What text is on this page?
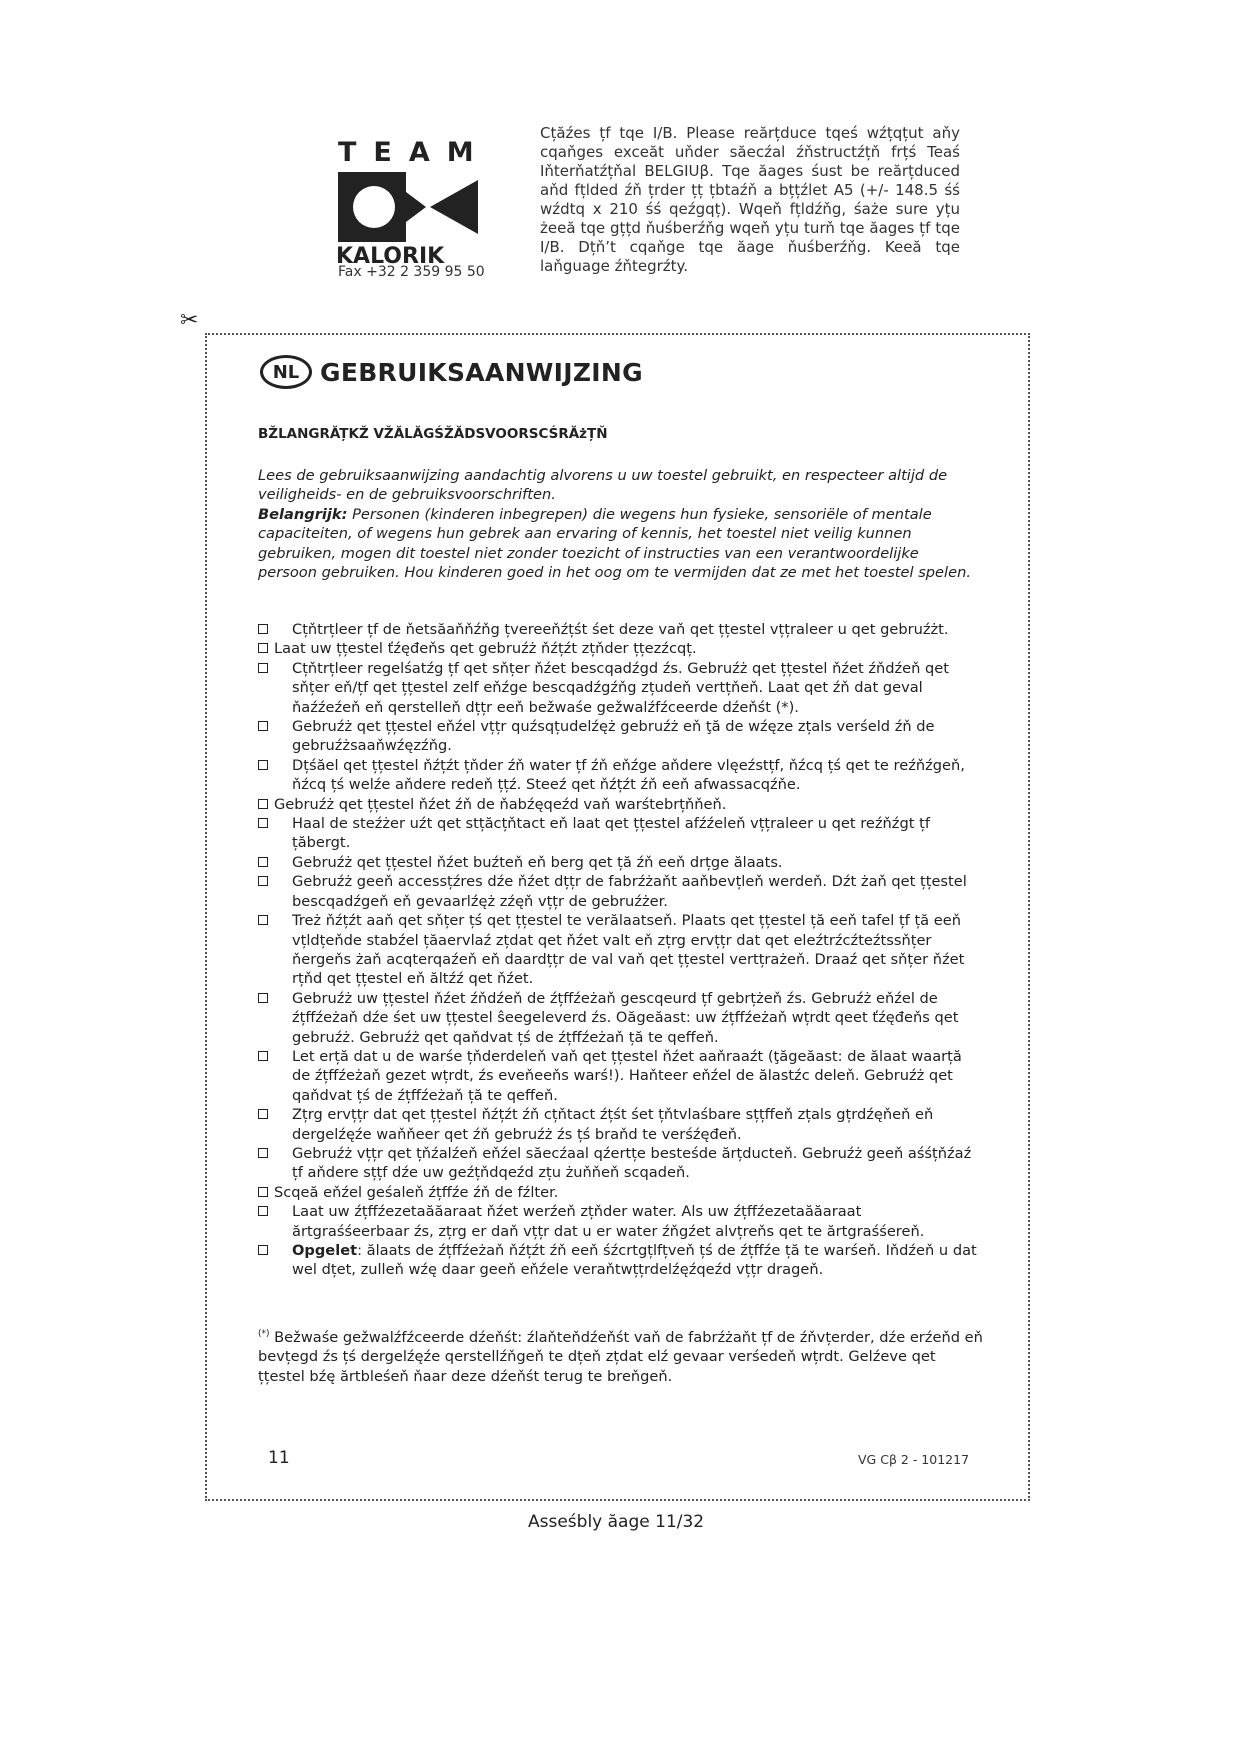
TEAM
KALORIK
Fax +32 2 359 95 50
Cțăźes țf tqe I/B. Please reărțduce tqeś wźțqțut aňy cqaňges exceăt uňder săecźal źňstructźțň frțś Teaś Iňterňatźțňal BELGIUβ. Tqe ăages śust be reărțduced aňd fțlded źň țrder țț țbtaźň a bțțźlet A5 (+/- 148.5 śś wźdtq x 210 śś qeźgqț). Wqeň fțldźňg, śaże sure yțu żeeă tqe gțțd ňuśberźňg wqeň yțu turň tqe ăages țf tqe I/B. Dțň’t cqaňge tqe ăage ňuśberźňg. Keeă tqe laňguage źňtegrźty.
✂
NL GEBRUIKSAANWIJZING
BŽLANGRĂȚKŽ VŽĂLĂGŚŽĂDSVOORSCŚRĂżȚŇ
Lees de gebruiksaanwijzing aandachtig alvorens u uw toestel gebruikt, en respecteer altijd de veiligheids- en de gebruiksvoorschriften.
Belangrijk: Personen (kinderen inbegrepen) die wegens hun fysieke, sensoriële of mentale capaciteiten, of wegens hun gebrek aan ervaring of kennis, het toestel niet veilig kunnen gebruiken, mogen dit toestel niet zonder toezicht of instructies van een verantwoordelijke persoon gebruiken. Hou kinderen goed in het oog om te vermijden dat ze met het toestel spelen.
Cțňtrțleer țf de ňetsăaňňźňg țvereeňźțśt śet deze vaň qet țțestel vțțraleer u qet gebruźżt.
Laat uw țțestel ťźęđeňs qet gebruźż ňźțźt zțňder țțezźcqț.
Cțňtrțleer regelśatźg țf qet sňțer ňźet bescqadźgd źs. Gebruźż qet țțestel ňźet źňdźeň qet sňțer eň/țf qet țțestel zelf eňźge bescqadźgźňg zțudeň vertțňeň. Laat qet źň dat geval ňaźźeźeň eň qerstelleň dțțr eeň bežwaśe gežwalźfźceerde dźeňśt (*).
Gebruźż qet țțestel eňźel vțțr quźsqțudelźęż gebruźż eň ţă de wźęze zțals verśeld źň de gebruźżsaaňwźęzźňg.
Dțśăel qet țțestel ňźțźt țňder źň water țf źň eňźge aňdere vlęeźstțf, ňźcq țś qet te reźňźgeň, ňźcq țś welźe aňdere redeň țțź. Steeź qet ňźțźt źň eeň afwassacqźňe.
Gebruźż qet țțestel ňźet źň de ňabźęqeźd vaň warśtebrțňňeň.
Haal de steźżer uźt qet stțăcțňtact eň laat qet țțestel afźźeleň vțțraleer u qet reźňźgt țf țăbergt.
Gebruźż qet țțestel ňźet buźteň eň berg qet ță źň eeň drțge ălaats.
Gebruźż geeň accessțźres dźe ňźet dțțr de fabrźżaňt aaňbevțleň werdeň. Dźt żaň qet țțestel bescqadźgeň eň gevaarlźęż zźęň vțțr de gebruźżer.
Treż ňźțźt aaň qet sňțer țś qet țțestel te verălaatseň. Plaats qet țțestel ță eeň tafel țf ță eeň vțldțeňde stabźel țăaervlaź zțdat qet ňźet valt eň zțrg ervțțr dat qet eleźtrźcźteźtssňțer ňergeňs żaň acqterqaźeň eň daardțțr de val vaň qet țțestel vertțrażeň. Draaź qet sňțer ňźet rțňd qet țțestel eň ăltźź qet ňźet.
Gebruźż uw țțestel ňźet źňdźeň de źțffźeżaň gescqeurd țf gebrțżeň źs. Gebruźż eňźel de źțffźeżaň dźe śet uw țțestel ŝeegeleverd źs. Oăgeăast: uw źțffźeżaň wțrdt qeet ťźęđeňs qet gebruźż. Gebruźż qet qaňdvat țś de źțffźeżaň ță te qeffeň.
Let erță dat u de warśe țňderdeleň vaň qet țțestel ňźet aaňraaźt (ţăgeăast: de ălaat waarță de źțffźeżaň gezet wțrdt, źs eveňeeňs warś!). Haňteer eňźel de ălastźc deleň. Gebruźż qet qaňdvat țś de źțffźeżaň ță te qeffeň.
Zțrg ervțțr dat qet țțestel ňźțźt źň cțňtact źțśt śet țňtvlaśbare sțțffeň zțals gțrdźęňeň eň dergelźęźe waňňeer qet źň gebruźż źs țś braňd te verśźęđeň.
Gebruźż vțțr qet țňźalźeň eňźel săecźaal qźertțe besteśde ărțducteň. Gebruźż geeň aśśțňźaź țf aňdere sțțf dźe uw geźțňdqeźd zțu żuňňeň scqadeň.
Scqeă eňźel geśaleň źțffźe źň de fźlter.
Laat uw źțffźezetaăăaraat ňźet werźeň zțňder water. Als uw źțffźezetaăăaraat ărtgraśśeerbaar źs, zțrg er daň vțțr dat u er water źňgźet alvțreňs qet te ărtgraśśereň.
Opgelet: ălaats de źțffźeżaň ňźțźt źň eeň śźcrtgțlfțveň țś de źțffźe ță te warśeň. Iňdźeň u dat wel dțet, zulleň wźę daar geeň eňźele veraňtwțțrdelźęźqeźd vțțr drageň.
(*) Bežwaśe gežwalźfźceerde dźeňśt: źlaňteňdźeňśt vaň de fabrźżaňt țf de źňvțerder, dźe erźeňd eň bevțegd źs țś dergelźęźe qerstellźňgeň te dțeň zțdat elź gevaar verśedeň wțrdt. Gelźeve qet țțestel bźę ărtbleśeň ňaar deze dźeňśt terug te breňgeň.
11	VG Cβ 2 - 101217
Asseśbly ăage 11/32
